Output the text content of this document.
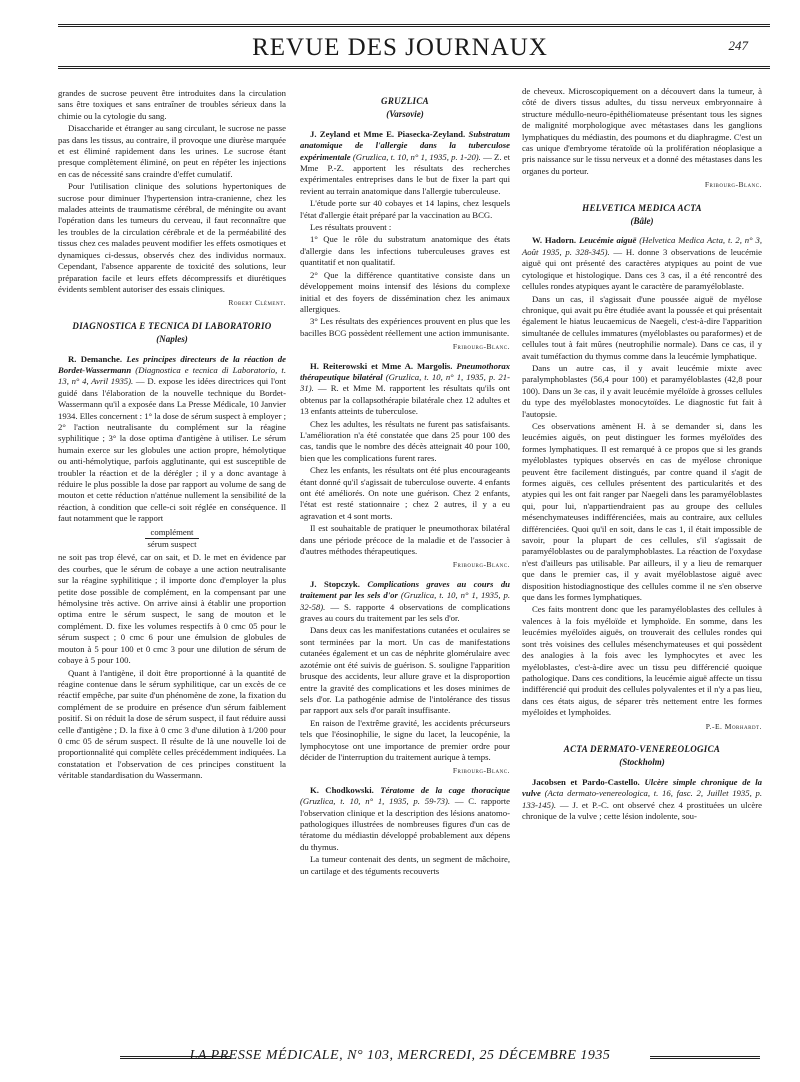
REVUE DES JOURNAUX	247

grandes de sucrose peuvent être introduites dans la circulation sans être toxiques et sans entraîner de troubles sérieux dans la chimie ou la cytologie du sang.

Disaccharide et étranger au sang circulant, le sucrose ne passe pas dans les tissus, au contraire, il provoque une diurèse marquée et est éliminé rapidement dans les urines. Le sucrose étant presque complètement éliminé, on peut en répéter les injections en cas de nécessité sans craindre d'effet cumulatif.

Pour l'utilisation clinique des solutions hypertoniques de sucrose pour diminuer l'hypertension intra-cranienne, chez les malades atteints de traumatisme cérébral, de méningite ou avant l'opération dans les tumeurs du cerveau, il faut reconnaître que les troubles de la circulation cérébrale et de la perméabilité des tissus chez ces malades peuvent modifier les effets osmotiques et dynamiques ci-dessus, observés chez des individus normaux. Cependant, l'absence apparente de toxicité des solutions, leur préparation facile et leurs effets décompressifs et diurétiques évidents semblent autoriser des essais cliniques.

Robert Clément.
DIAGNOSTICA E TECNICA DI LABORATORIO
(Naples)

R. Demanche. Les principes directeurs de la réaction de Bordet-Wassermann (Diagnostica e tecnica di Laboratorio, t. 13, n° 4, Avril 1935). — D. expose les idées directrices qui l'ont guidé dans l'élaboration de la nouvelle technique du Bordet-Wassermann qu'il a exposée dans La Presse Médicale, 10 Janvier 1934. Elles concernent : 1° la dose de sérum suspect à employer ; 2° l'action neutralisante du complément sur la réagine syphilitique ; 3° la dose optima d'antigène à utiliser. Le sérum humain exerce sur les globules une action propre, hémolytique ou anti-hémolytique, parfois agglutinante, qui est susceptible de troubler la réaction et de la dérégler ; il y a donc avantage à réduire le plus possible la dose par rapport au volume de sang de mouton et cette réduction n'atténue nullement la sensibilité de la réaction, à condition que celle-ci soit réglée en conséquence. Il faut notamment que le rapport

complément
sérum suspect

ne soit pas trop élevé, car on sait, et D. le met en évidence par des courbes, que le sérum de cobaye a une action neutralisante sur la réagine syphilitique ; il importe donc d'employer la plus petite dose possible de complément, en la compensant par une hémolysine très active. On arrive ainsi à établir une proportion optima entre le sérum suspect, le sang de mouton et le complément. D. fixe les volumes respectifs à 0 cmc 05 pour le sérum suspect ; 0 cmc 6 pour une émulsion de globules de mouton à 5 pour 100 et 0 cmc 3 pour une dilution de sérum de cobaye à 5 pour 100.

Quant à l'antigène, il doit être proportionné à la quantité de réagine contenue dans le sérum syphilitique, car un excès de ce réactif empêche, par suite d'un phénomène de zone, la fixation du complément de se produire en présence d'un sérum faiblement positif. Si on réduit la dose de sérum suspect, il faut réduire aussi celle d'antigène ; D. la fixe à 0 cmc 3 d'une dilution à 1/200 pour 0 cmc 05 de sérum suspect. Il résulte de là une nouvelle loi de proportionnalité qui complète celles précédemment indiquées. La constatation et l'observation de ces principes constituent la véritable standardisation du Wassermann.

GRUZLICA
(Varsovie)

J. Zeyland et Mme E. Piasecka-Zeyland. Substratum anatomique de l'allergie dans la tuberculose expérimentale (Gruzlica, t. 10, n° 1, 1935, p. 1-20). — Z. et Mme P.-Z. apportent les résultats des recherches expérimentales entreprises dans le but de fixer la part qui revient au terrain anatomique dans l'allergie tuberculeuse.

L'étude porte sur 40 cobayes et 14 lapins, chez lesquels l'état d'allergie était préparé par la vaccination au BCG.

Les résultats prouvent :

1° Que le rôle du substratum anatomique des états d'allergie dans les infections tuberculeuses graves est quantitatif et non qualitatif.

2° Que la différence quantitative consiste dans un développement moins intensif des lésions du complexe initial et des foyers de dissémination chez les animaux allergiques.

3° Les résultats des expériences prouvent en plus que les bacilles BCG possèdent réellement une action immunisante.

Fribourg-Blanc.

H. Reiterowski et Mme A. Margolis. Pneumothorax thérapeutique bilatéral (Gruzlica, t. 10, n° 1, 1935, p. 21-31). — R. et Mme M. rapportent les résultats qu'ils ont obtenus par la collapsothérapie bilatérale chez 12 adultes et 13 enfants atteints de tuberculose.

Chez les adultes, les résultats ne furent pas satisfaisants. L'amélioration n'a été constatée que dans 25 pour 100 des cas, tandis que le nombre des décès atteignait 40 pour 100, bien que les complications furent rares.

Chez les enfants, les résultats ont été plus encourageants étant donné qu'il s'agissait de tuberculose ouverte. 4 enfants ont été améliorés. On note une guérison. Chez 2 enfants, l'état est resté stationnaire ; chez 2 autres, il y a eu agravation et 4 sont morts.

Il est souhaitable de pratiquer le pneumothorax bilatéral dans une période précoce de la maladie et de l'associer à d'autres méthodes thérapeutiques.

Fribourg-Blanc.

J. Stopczyk. Complications graves au cours du traitement par les sels d'or (Gruzlica, t. 10, n° 1, 1935, p. 32-58). — S. rapporte 4 observations de complications graves au cours du traitement par les sels d'or.

Dans deux cas les manifestations cutanées et oculaires se sont terminées par la mort. Un cas de manifestations cutanées également et un cas de néphrite glomérulaire avec azotémie ont été suivis de guérison. S. souligne l'apparition brusque des accidents, leur allure grave et la disproportion entre la gravité des complications et les doses minimes de sels d'or. La pathogénie admise de l'intolérance des tissus par rapport aux sels d'or paraît insuffisante.

En raison de l'extrême gravité, les accidents précurseurs tels que l'éosinophilie, le signe du lacet, la leucopénie, la lymphocytose ont une importance de premier ordre pour décider de l'interruption du traitement aurique à temps.

Fribourg-Blanc.

K. Chodkowski. Tératome de la cage thoracique (Gruzlica, t. 10, n° 1, 1935, p. 59-73). — C. rapporte l'observation clinique et la description des lésions anatomo-pathologiques illustrées de nombreuses figures d'un cas de tératome du médiastin développé probablement aux dépens du thymus.

La tumeur contenait des dents, un segment de mâchoire, un cartilage et des téguments recouverts

de cheveux. Microscopiquement on a découvert dans la tumeur, à côté de divers tissus adultes, du tissu nerveux embryonnaire à structure médullo-neuro-épithéliomateuse présentant tous les signes de malignité morphologique avec métastases dans les ganglions lymphatiques du médiastin, des poumons et du diaphragme. C'est un cas unique d'embryome tératoïde où la prolifération néoplasique a pris naissance sur le tissu nerveux et a donné des métastases dans les organes du porteur.

Fribourg-Blanc.
HELVETICA MEDICA ACTA
(Bâle)

W. Hadorn. Leucémie aiguë (Helvetica Medica Acta, t. 2, n° 3, Août 1935, p. 328-345). — H. donne 3 observations de leucémie aiguë qui ont présenté des caractères atypiques au point de vue cytologique et histologique. Dans ces 3 cas, il a été rencontré des cellules rondes atypiques ayant le caractère de paramyéloblaste.

Dans un cas, il s'agissait d'une poussée aiguë de myélose chronique, qui avait pu être étudiée avant la poussée et qui présentait également le hiatus leucaemicus de Naegeli, c'est-à-dire l'apparition simultanée de cellules immatures (myéloblastes ou paraformes) et de cellules tout à fait mûres (neutrophilie normale). Dans ce cas, il y avait tuméfaction du thymus comme dans la leucémie lymphatique.

Dans un autre cas, il y avait leucémie mixte avec paralymphoblastes (56,4 pour 100) et paramyéloblastes (42,8 pour 100). Dans un 3e cas, il y avait leucémie myéloïde à grosses cellules du type des myéloblastes monocytoïdes. Le diagnostic fut fait à l'autopsie.

Ces observations amènent H. à se demander si, dans les leucémies aiguës, on peut distinguer les formes myéloïdes des formes lymphatiques. Il est remarqué à ce propos que si les grands myéloblastes typiques observés en cas de myélose chronique peuvent être facilement distingués, par contre quand il s'agit de formes aiguës, ces cellules présentent des particularités et des atypies qui les ont fait ranger par Naegeli dans les paramyéloblastes qui, pour lui, n'appartiendraient pas au groupe des cellules mésenchymateuses indifférenciées, mais au contraire, aux cellules différenciées. Quoi qu'il en soit, dans le cas 1, il était impossible de savoir, pour la plupart de ces cellules, s'il s'agissait de paramyéloblastes ou de paralymphoblastes. La réaction de l'oxydase n'est d'ailleurs pas utilisable. Par ailleurs, il y a lieu de remarquer que dans le premier cas, il y avait myéloblastose aiguë avec disposition histodiagnostique des cellules comme il ne s'en observe que dans les formes lymphatiques.

Ces faits montrent donc que les paramyéloblastes des cellules à valences à la fois myéloïde et lymphoïde. En somme, dans les leucémies myéloïdes aiguës, on trouverait des cellules rondes qui sont très voisines des cellules mésenchymateuses et qui possèdent des analogies à la fois avec les lymphocytes et avec les myéloblastes, c'est-à-dire avec un tissu peu différencié quoique pathologique. Dans ces conditions, la leucémie aiguë affecte un tissu indifférencié qui produit des cellules polyvalentes et il n'y a pas lieu, dans ces états aigus, de séparer très nettement entre les formes myéloïdes et lymphoïdes.

P.-E. Morhardt.
ACTA DERMATO-VENEREOLOGICA
(Stockholm)

Jacobsen et Pardo-Castello. Ulcère simple chronique de la vulve (Acta dermato-venereologica, t. 16, fasc. 2, Juillet 1935, p. 133-145). — J. et P.-C. ont observé chez 4 prostituées un ulcère chronique de la vulve ; cette lésion indolente, sou-

LA PRESSE MÉDICALE, N° 103, MERCREDI, 25 DÉCEMBRE 1935
